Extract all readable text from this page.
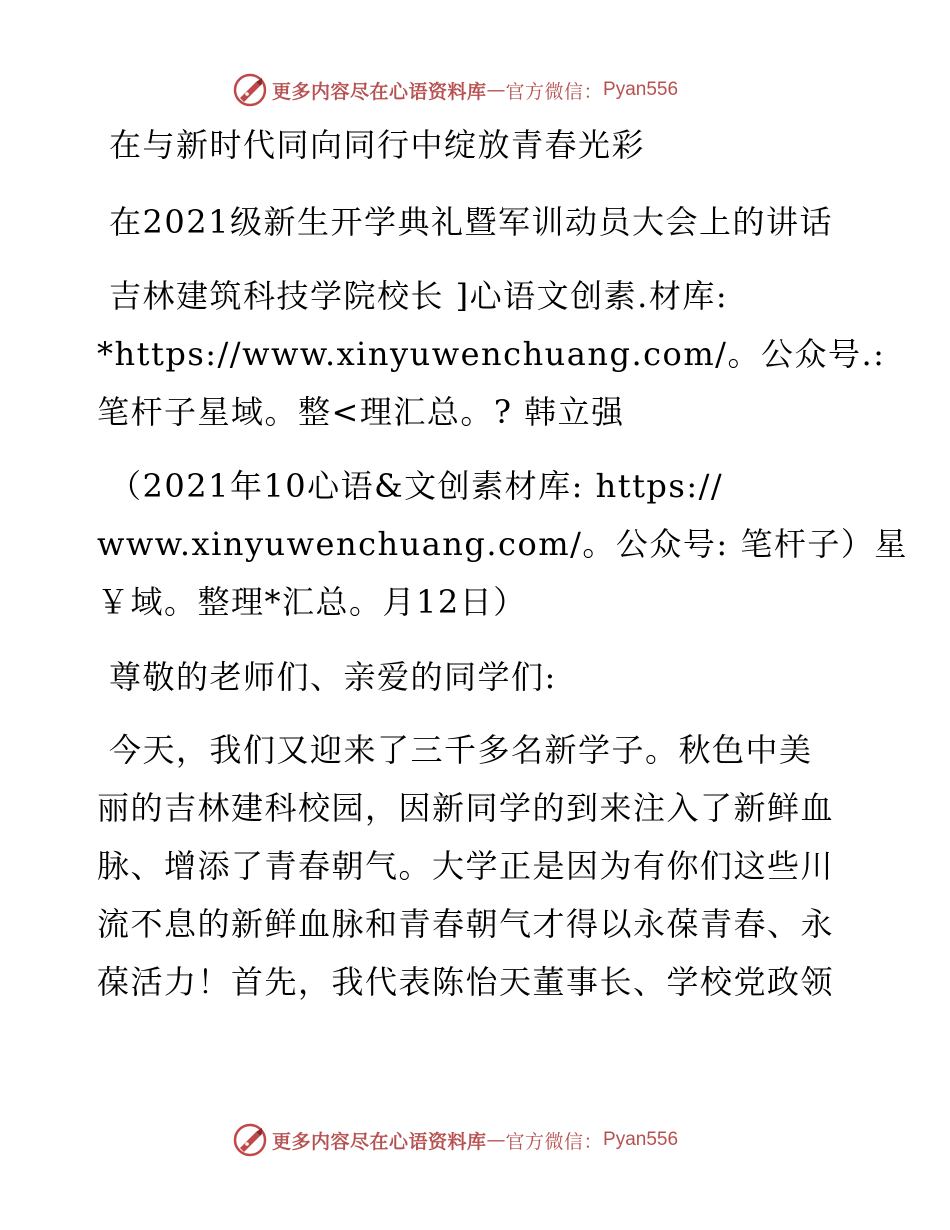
更多内容尽在心语资料库 — 官方微信： Pyan556
在与新时代同向同行中绽放青春光彩
在2021级新生开学典礼暨军训动员大会上的讲话
吉林建筑科技学院校长 ]心语文创素.材库:
*https://www.xinyuwenchuang.com/。公众号.:
笔杆子星域。整<理汇总。? 韩立强
（2021年10心语&文创素材库: https://
www.xinyuwenchuang.com/。公众号: 笔杆子）星
￥域。整理*汇总。月12日）
尊敬的老师们、亲爱的同学们:
今天，我们又迎来了三千多名新学子。秋色中美
丽的吉林建科校园，因新同学的到来注入了新鲜血
脉、增添了青春朝气。大学正是因为有你们这些川
流不息的新鲜血脉和青春朝气才得以永葆青春、永
葆活力！首先，我代表陈怡天董事长、学校党政领
更多内容尽在心语资料库 — 官方微信： Pyan556
